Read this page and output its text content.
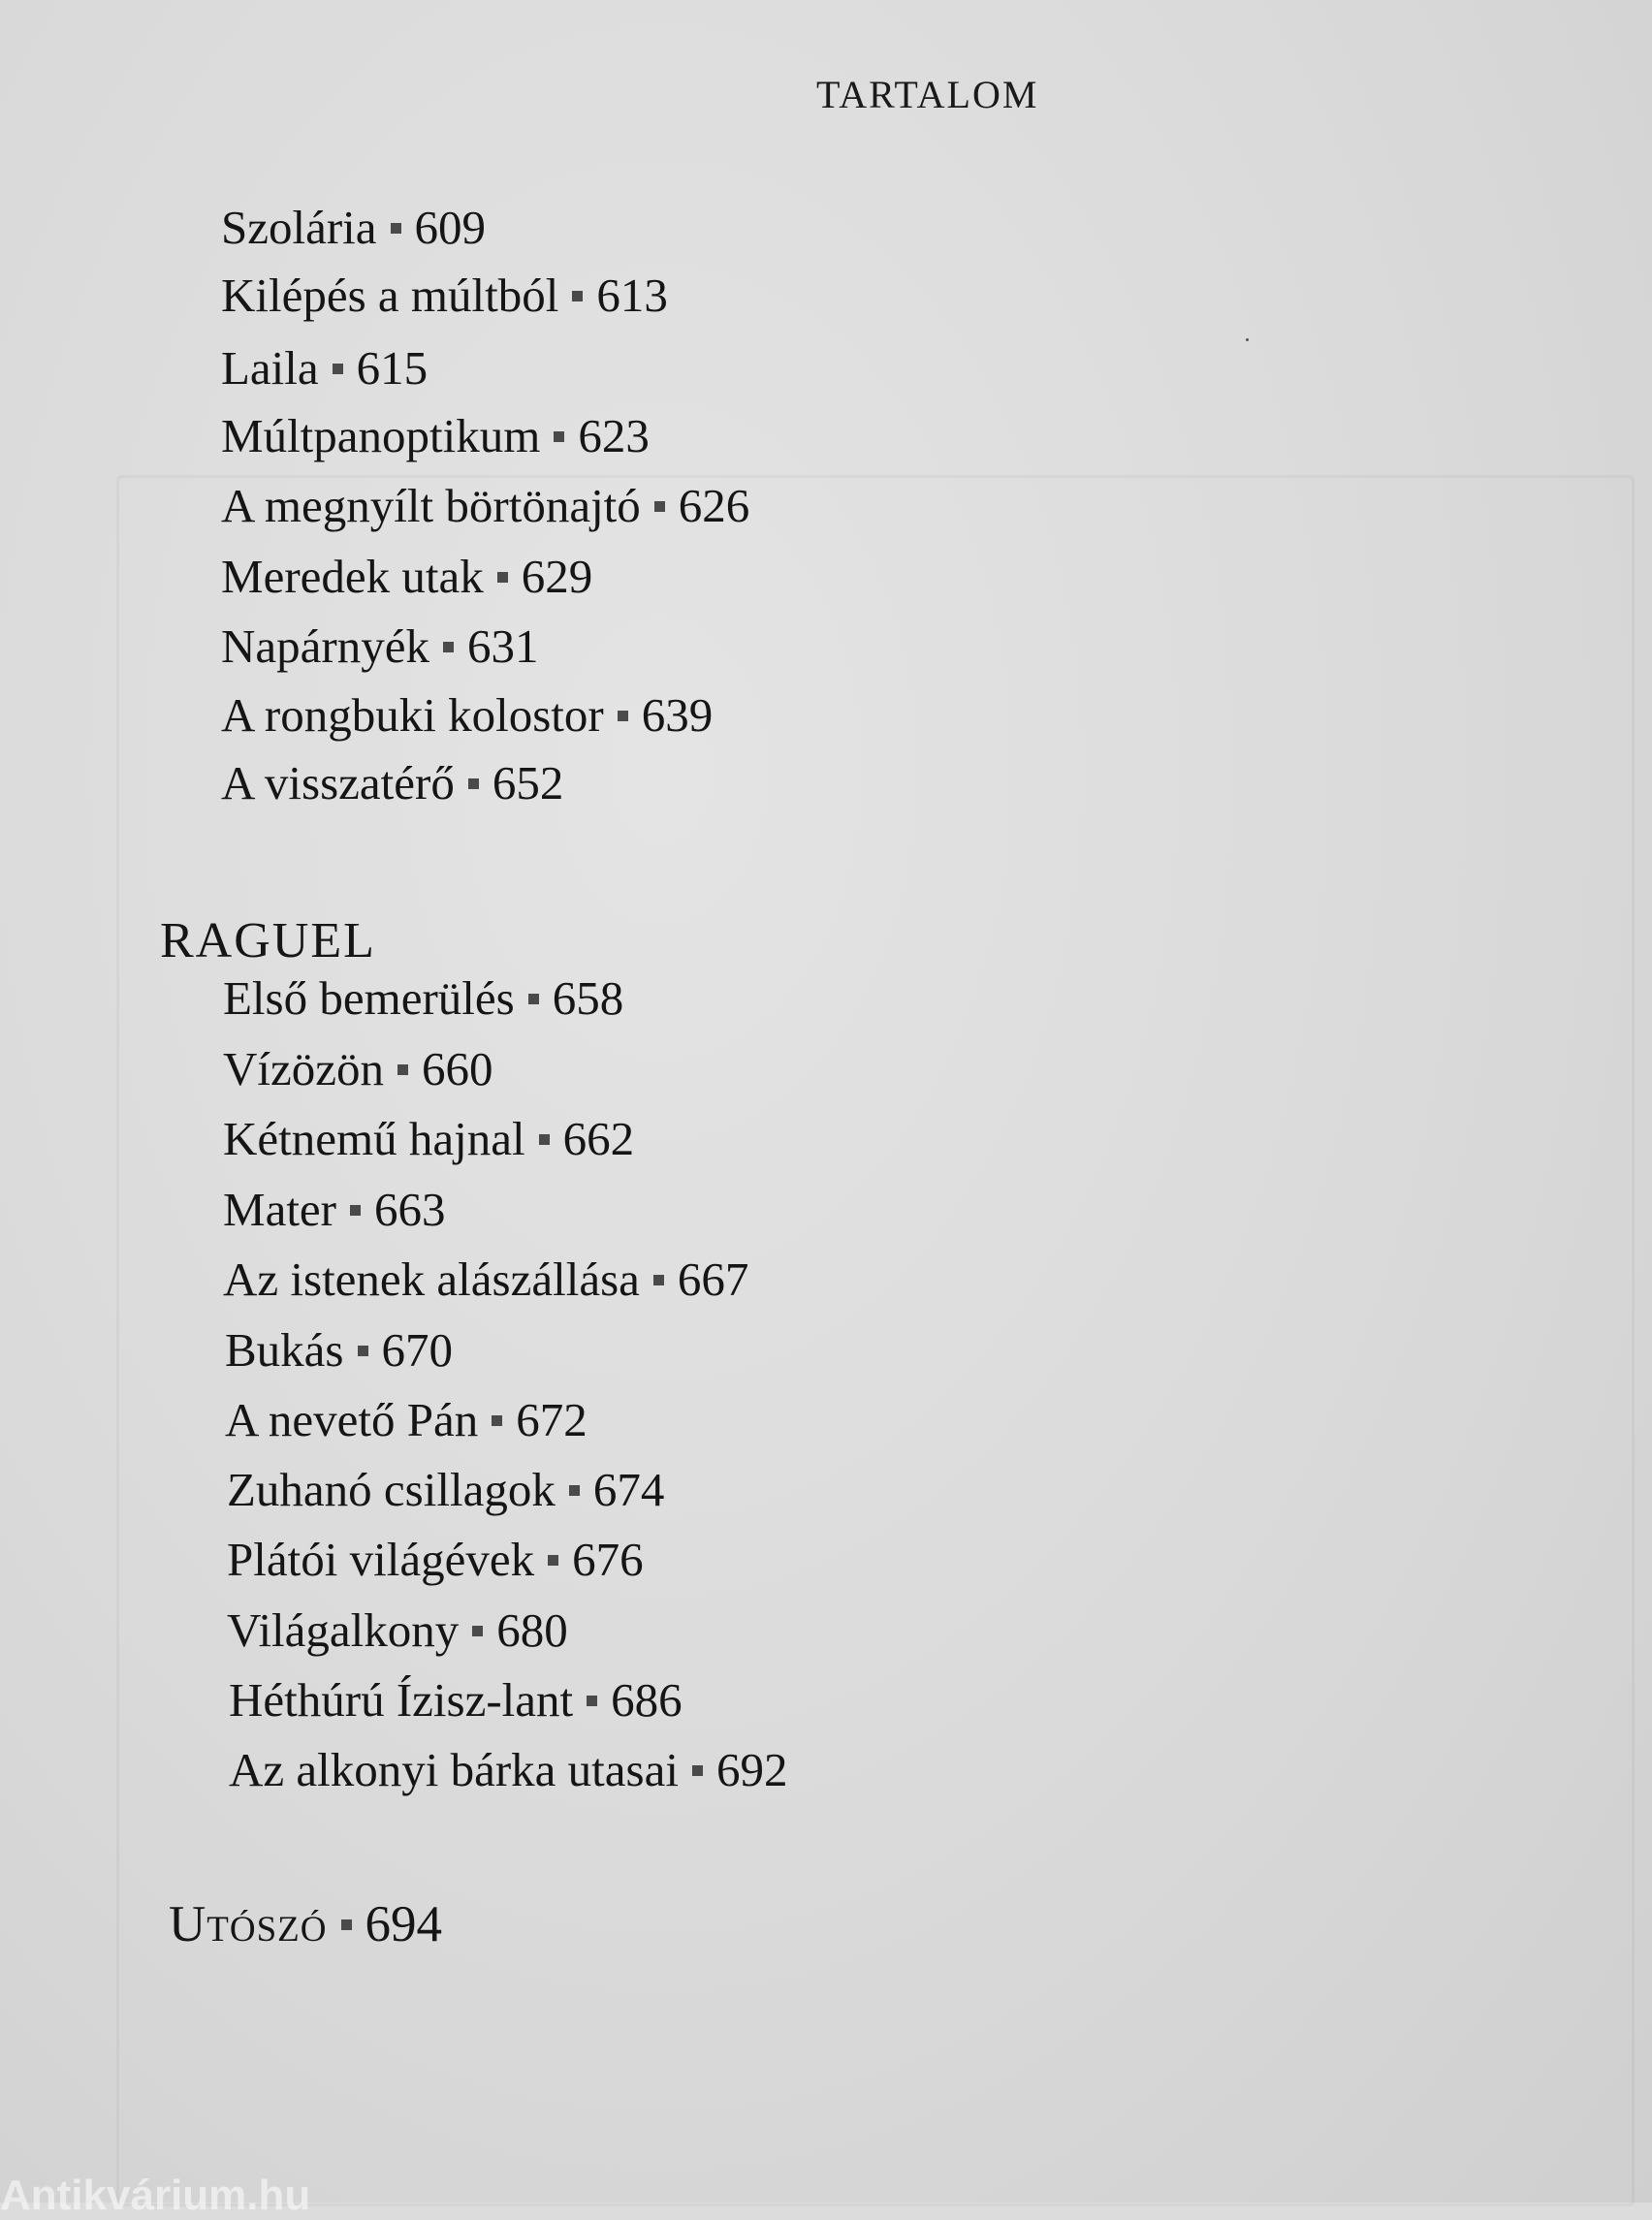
TARTALOM
Szolária 609
Kilépés a múltból 613
Laila 615
Múltpanoptikum 623
A megnyílt börtönajtó 626
Meredek utak 629
Napárnyék 631
A rongbuki kolostor 639
A visszatérő 652
RAGUEL
Első bemerülés 658
Vízözön 660
Kétnemű hajnal 662
Mater 663
Az istenek alászállása 667
Bukás 670
A nevető Pán 672
Zuhanó csillagok 674
Plátói világévek 676
Világalkony 680
Héthúrú Ízisz-lant 686
Az alkonyi bárka utasai 692
Utószó 694
Antikvárium.hu
